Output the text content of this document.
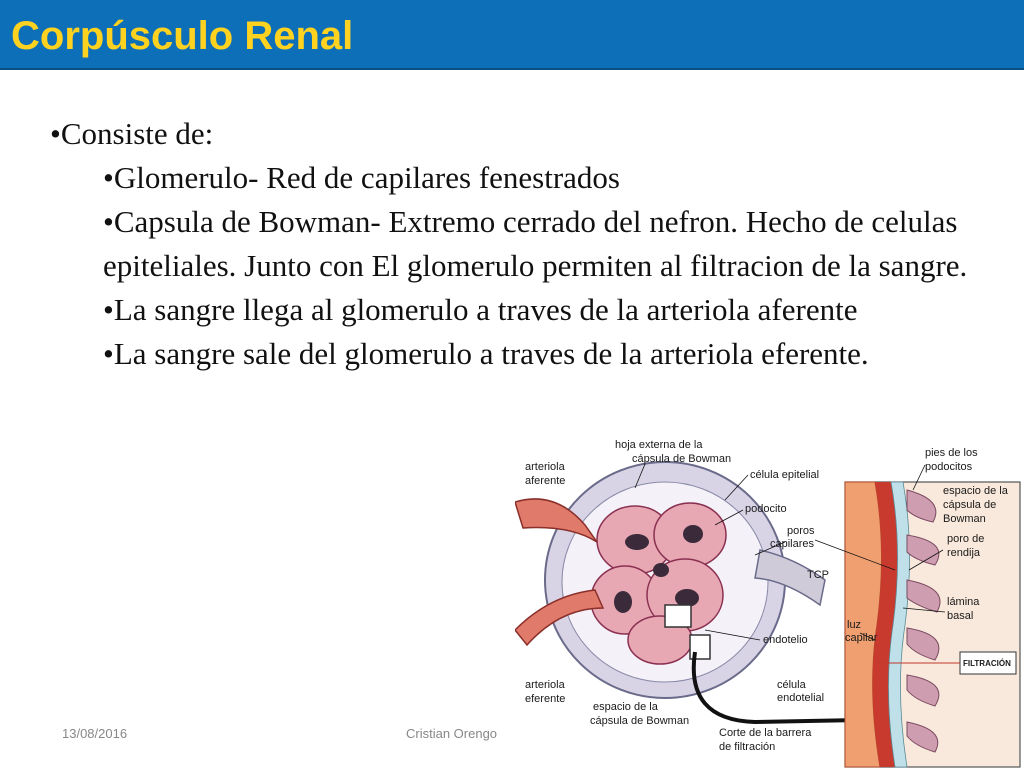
Corpúsculo Renal

•Consiste de:

•Glomerulo- Red de capilares fenestrados

•Capsula de Bowman- Extremo cerrado del nefron. Hecho de celulas epiteliales. Junto con El glomerulo permiten al filtracion de la sangre.

•La sangre llega al glomerulo a traves de la arteriola aferente

•La sangre sale del glomerulo a traves de la arteriola eferente.

hoja externa de la
cápsula de Bowman
célula epitelial
arteriola
aferente
podocito
poros
capilares
TCP
endotelio
arteriola
eferente
espacio de la
cápsula de Bowman
Corte de la barrera
de filtración
célula
endotelial
luz
capilar
pies de los
podocitos
espacio de la
cápsula de
Bowman
poro de
rendija
lámina
basal
FILTRACIÓN
13/08/2016	Cristian Orengo
